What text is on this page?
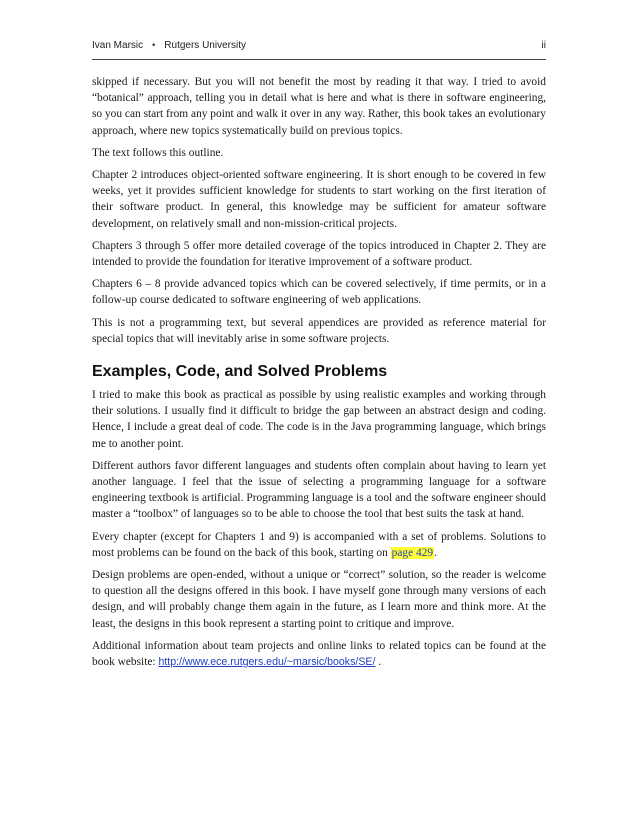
Ivan Marsic • Rutgers University	ii

skipped if necessary. But you will not benefit the most by reading it that way. I tried to avoid “botanical” approach, telling you in detail what is here and what is there in software engineering, so you can start from any point and walk it over in any way. Rather, this book takes an evolutionary approach, where new topics systematically build on previous topics.

The text follows this outline.

Chapter 2 introduces object-oriented software engineering. It is short enough to be covered in few weeks, yet it provides sufficient knowledge for students to start working on the first iteration of their software product. In general, this knowledge may be sufficient for amateur software development, on relatively small and non-mission-critical projects.

Chapters 3 through 5 offer more detailed coverage of the topics introduced in Chapter 2. They are intended to provide the foundation for iterative improvement of a software product.

Chapters 6 – 8 provide advanced topics which can be covered selectively, if time permits, or in a follow-up course dedicated to software engineering of web applications.

This is not a programming text, but several appendices are provided as reference material for special topics that will inevitably arise in some software projects.

Examples, Code, and Solved Problems

I tried to make this book as practical as possible by using realistic examples and working through their solutions. I usually find it difficult to bridge the gap between an abstract design and coding. Hence, I include a great deal of code. The code is in the Java programming language, which brings me to another point.

Different authors favor different languages and students often complain about having to learn yet another language. I feel that the issue of selecting a programming language for a software engineering textbook is artificial. Programming language is a tool and the software engineer should master a “toolbox” of languages so to be able to choose the tool that best suits the task at hand.

Every chapter (except for Chapters 1 and 9) is accompanied with a set of problems. Solutions to most problems can be found on the back of this book, starting on page 429.

Design problems are open-ended, without a unique or “correct” solution, so the reader is welcome to question all the designs offered in this book. I have myself gone through many versions of each design, and will probably change them again in the future, as I learn more and think more. At the least, the designs in this book represent a starting point to critique and improve.

Additional information about team projects and online links to related topics can be found at the book website: http://www.ece.rutgers.edu/~marsic/books/SE/ .
